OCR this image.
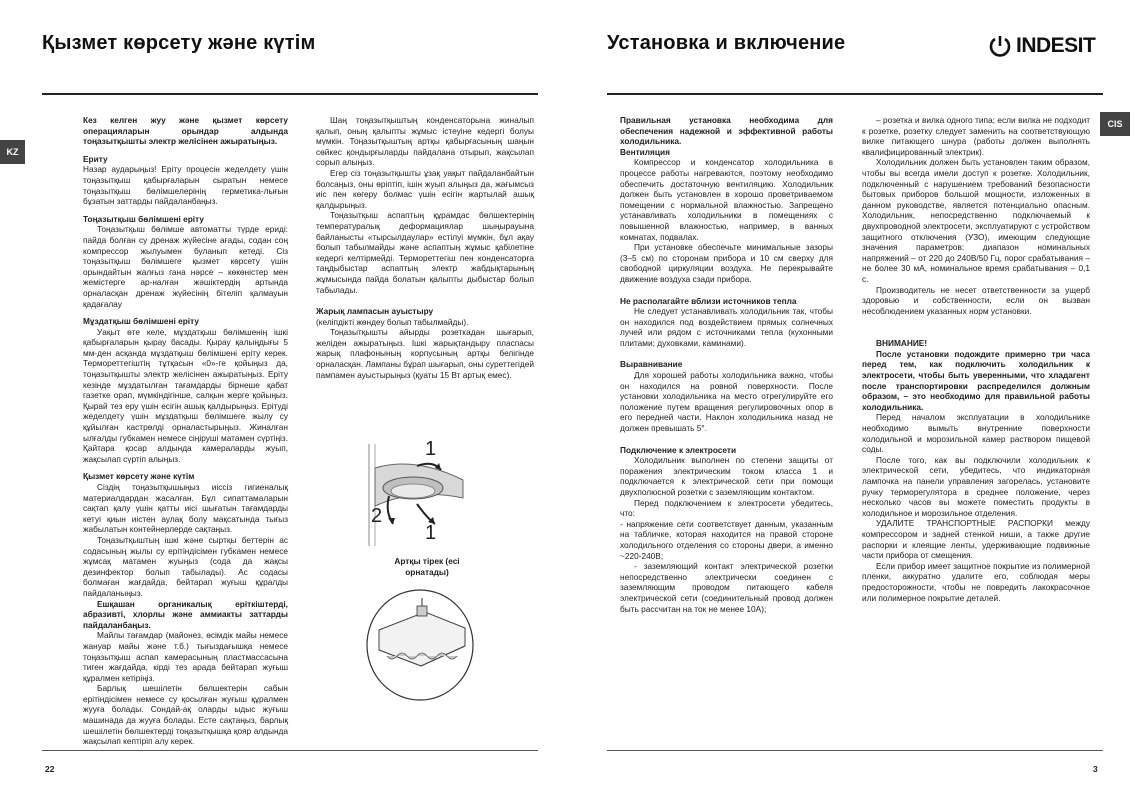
Қызмет көрсету және күтім
KZ

Кез келген жуу және қызмет көрсету операцияларын орындар алдында тоңазытқышты электр желісінен ажыратыңыз.

Ериту

Назар аударыңыз! Еріту процесін жеделдету үшін тоңазытқыш қабырғаларын сыратын немесе тоңазытқыш бөлімшелерінің герметика-лығын бұзатын заттарды пайдаланбаңыз.

Тоңазытқыш бөлімшені еріту

Тоңазытқыш бөлімше автоматты түрде ериді: пайда болған су дренаж жүйесіне ағады, содан соң компрессор жылуымен буланып кетеді. Сіз тоңазытқыш бөлімшеге қызмет көрсету үшін орындайтын жалғыз гана нәрсе – көкөністер мен жемістерге ар-налған жәшіктердің артында орналасқан дренаж жүйесінің бітеліп қалмауын қадағалау

Мұздатқыш бөлімшені еріту

Уақыт өте келе, мұздатқыш бөлімшенің ішкі қабырғаларын қырау басады. Қырау қалыңдығы 5 мм-ден асқанда мұздатқыш бөлімшені еріту керек. Термореттегіштің тұтқасын «0»-ге қойыңыз да, тоңазытқышты электр желісінен ажыратыңыз. Еріту кезінде мұздатылған тағамдарды бірнеше қабат газетке орап, мүмкіндігінше, салқын жерге қойыңыз. Қырай тез еру үшін есігін ашық қалдырыңыз. Ерітуді жеделдету үшін мұздатқыш бөлімшеге жылу су құйылған кастрөлді орналастырыңыз. Жиналған ылғалды губкамен немесе сіңіруші матамен сүртіңіз. Қайтара қосар алдында камераларды жуып, жақсылап сүртіп алыңыз.

Қызмет көрсету және күтім

Сіздің тоңазытқышыңыз иіссіз гигиеналық материалдардан жасалған. Бұл сипаттамаларын сақтап қалу үшін қатты иісі шығатын тағамдарды кетуі қиын иістен аулақ болу мақсатында тығыз жабылатын контейнерлерде сақтаңыз.

Тоңазытқыштың ішкі және сыртқы беттерін ас содасының жылы су ерітіндісімен губкамен немесе жұмсақ матамен жуыңыз (сода да жақсы дезинфектор болып табылады). Ас содасы болмаған жағдайда, бейтарап жуғыш құралды пайдаланыңыз.

Ешқашан органикалық еріткіштерді, абразивті, хлорлы және аммиакты заттарды пайдаланбаңыз.

Майлы тағамдар (майонез, өсімдік майы немесе жануар майы және т.б.) тығыздағышқа немесе тоңазытқыш аспап камерасының пластмассасына тиген жағдайда, кірді тез арада бейтарап жуғыш құралмен кетіріңіз.

Барлық шешілетін бөлшектерін сабын ерітіндісімен немесе су қосылған жуғыш құралмен жууға болады. Сондай-ақ оларды ыдыс жуғыш машинада да жууға болады. Есте сақтаңыз, барлық шешілетін бөлшектерді тоңазытқышқа қояр алдында жақсылап кептіріп алу керек.

Шаң тоңазытқыштың конденсаторына жиналып қалып, оның қалыпты жұмыс істеуіне кедергі болуы мүмкін. Тоңазытқыштың артқы қабырғасының шаңын сөйкес қондырғыларды пайдалана отырып, жақсылап сорып алыңыз.

Егер сіз тоңазытқышты ұзақ уақыт пайдаланбайтын болсаңыз, оны өріптіп, ішін жуып алыңыз да, жағымсыз иіс пен көгеру болмас үшін есігін жартылай ашық қалдырыңыз.

Тоңазытқыш аспаптың құрамдас бөлшектерінің температуралық деформациялар шыңырауына байланысты «тырсылдаулар» естілуі мүмкін, бұл ақау болып табылмайды және аспаптың жұмыс қабілетіне кедергі келтірмейді. Термореттегіш пен конденсаторға таңдыбыстар аспаптың электр жабдықтарының жұмысында пайда болатын қалыпты дыбыстар болып табылады.

Жарық лампасын ауыстыру

(келіпдікті жөндеу болып табылмайды).

Тоңазытқышты айырды розеткадан шығарып, желіден ажыратыңыз. Ішкі жарықтандыру пласпасы жарық плафонының корпусының артқы белігінде орналасқан. Лампаны бұрап шығарып, оны суреттегідей пампамен ауыстырыңыз (қуаты 15 Вт артық емес).

1
2
1
Артқы тірек (есі орнатады)
22
Установка и включение	INDESIT
CIS

Правильная установка необходима для обеспечения надежной и эффективной работы холодильника.

Вентиляция

Компрессор и конденсатор холодильника в процессе работы нагреваются, поэтому необходимо обеспечить достаточную вентиляцию. Холодильник должен быть установлен в хорошо проветриваемом помещении с нормальной влажностью. Запрещено устанавливать холодильники в помещениях с повышенной влажностью, например, в ванных комнатах, подвалах.

При установке обеспечьте минимальные зазоры (3–5 см) по сторонам прибора и 10 см сверху для свободной циркуляции воздуха. Не перекрывайте движение воздуха сзади прибора.

Не располагайте вблизи источников тепла

Не следует устанавливать холодильник так, чтобы он находился под воздействием прямых солнечных лучей или рядом с источниками тепла (кухонными плитами; духовками, каминами).

Выравнивание

Для хорошей работы холодильника важно, чтобы он находился на ровной поверхности. После установки холодильника на место отрегулируйте его положение путем вращения регулировочных опор в его передней части. Наклон холодильника назад не должен превышать 5°.

Подключение к электросети

Холодильник выполнен по степени защиты от поражения электрическим током класса 1 и подключается к электрической сети при помощи двухполюсной розетки с заземляющим контактом.

Перед подключением к электросети убедитесь, что:

- напряжение сети соответствует данным, указанным на табличке, которая находится на правой стороне холодильного отделения со стороны двери, а именно ~220-240В;

- заземляющий контакт электрической розетки непосредственно электрически соединен с заземляющим проводом питающего кабеля электрической сети (соединительный провод должен быть рассчитан на ток не менее 10А);

– розетка и вилка одного типа; если вилка не подходит к розетке, розетку следует заменить на соответствующую вилке питающего шнура (работы должен выполнять квалифицированный электрик).

Холодильник должен быть установлен таким образом, чтобы вы всегда имели доступ к розетке. Холодильник, подключенный с нарушением требований безопасности бытовых приборов большой мощности, изложенных в данном руководстве, является потенциально опасным. Холодильник, непосредственно подключаемый к двухпроводной электросети, эксплуатируют с устройством защитного отключения (УЗО), имеющим следующие значения параметров: диапазон номинальных напряжений – от 220 до 240В/50 Гц, порог срабатывания – не более 30 мА, номинальное время срабатывания – 0,1 с.

Производитель не несет ответственности за ущерб здоровью и собственности, если он вызван несоблюдением указанных норм установки.

ВНИМАНИЕ!

После установки подождите примерно три часа перед тем, как подключить холодильник к электросети, чтобы быть уверенными, что хладагент после транспортировки распределился должным образом, – это необходимо для правильной работы холодильника.

Перед началом эксплуатации в холодильнике необходимо вымыть внутренние поверхности холодильной и морозильной камер раствором пищевой соды.

После того, как вы подключили холодильник к электрической сети, убедитесь, что индикаторная лампочка на панели управления загорелась, установите ручку терморегулятора в среднее положение, через несколько часов вы можете поместить продукты в холодильное и морозильное отделения.

УДАЛИТЕ ТРАНСПОРТНЫЕ РАСПОРКИ между компрессором и задней стенкой ниши, а также другие распорки и клеящие ленты, удерживающие подвижные части прибора от смещения.

Если прибор имеет защитное покрытие из полимерной пленки, аккуратно удалите его, соблюдая меры предосторожности, чтобы не повредить лакокрасочное или полимерное покрытие деталей.

3
